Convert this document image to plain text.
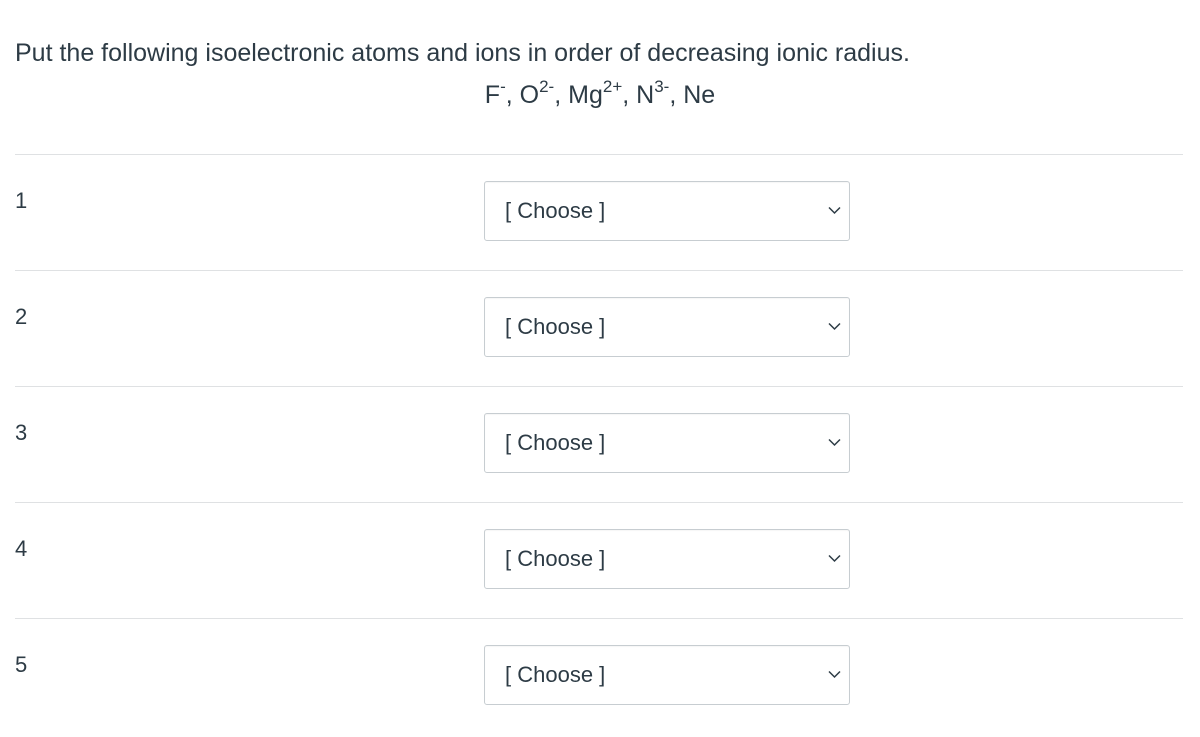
Put the following isoelectronic atoms and ions in order of decreasing ionic radius.
F-, $O^{2-}$, $Mg^{2+}$, $N^{3-}$, Ne
1	[ Choose ]
2	[ Choose ]
3	[ Choose ]
4	[ Choose ]
5	[ Choose ]
